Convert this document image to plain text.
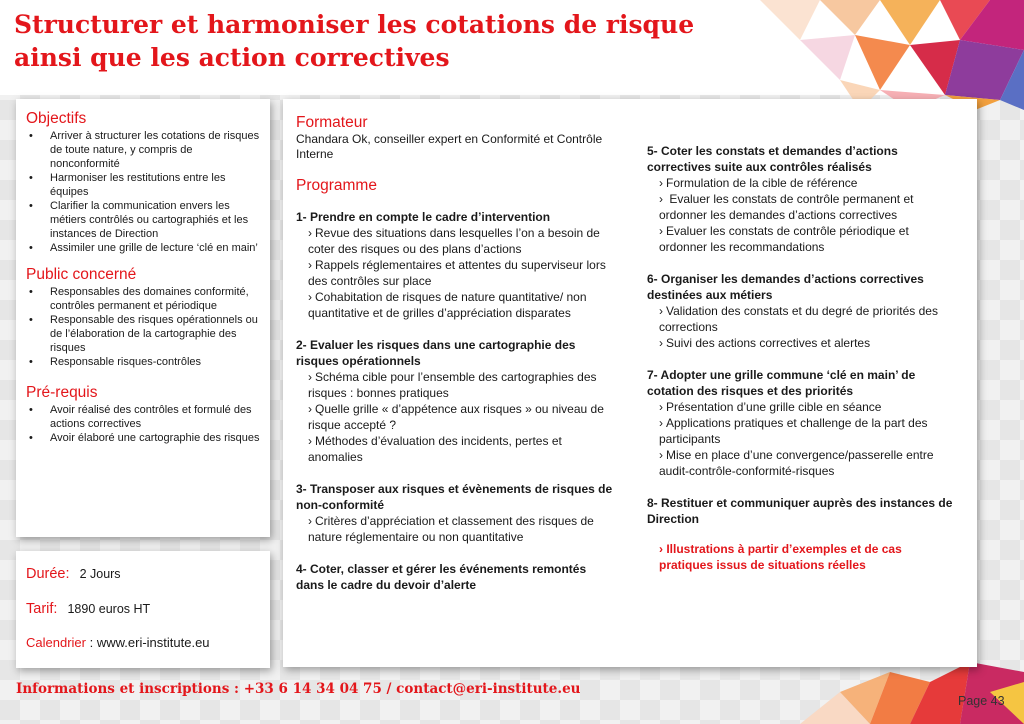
Structurer et harmoniser les cotations de risque
ainsi que les action correctives
Objectifs
• Arriver à structurer les cotations de risques de toute nature, y compris de nonconformité
• Harmoniser les restitutions entre les équipes
• Clarifier la communication envers les métiers contrôlés ou cartographiés et les instances de Direction
• Assimiler une grille de lecture ‘clé en main’
Public concerné
• Responsables des domaines conformité, contrôles permanent et périodique
• Responsable des risques opérationnels ou de l’élaboration de la cartographie des risques
• Responsable risques-contrôles
Pré-requis
• Avoir réalisé des contrôles et formulé des actions correctives
• Avoir élaboré une cartographie des risques
Durée: 2 Jours
Tarif: 1890 euros HT
Calendrier : www.eri-institute.eu
Formateur
Chandara Ok, conseiller expert en Conformité et Contrôle Interne
Programme
1- Prendre en compte le cadre d’intervention
› Revue des situations dans lesquelles l’on a besoin de coter des risques ou des plans d’actions
› Rappels réglementaires et attentes du superviseur lors des contrôles sur place
› Cohabitation de risques de nature quantitative/ non quantitative et de grilles d’appréciation disparates
2- Evaluer les risques dans une cartographie des risques opérationnels
› Schéma cible pour l’ensemble des cartographies des risques : bonnes pratiques
› Quelle grille « d’appétence aux risques » ou niveau de risque accepté ?
› Méthodes d’évaluation des incidents, pertes et anomalies
3- Transposer aux risques et évènements de risques de non-conformité
› Critères d’appréciation et classement des risques de nature réglementaire ou non quantitative
4- Coter, classer et gérer les événements remontés dans le cadre du devoir d’alerte
5- Coter les constats et demandes d’actions correctives suite aux contrôles réalisés
› Formulation de la cible de référence
› Evaluer les constats de contrôle permanent et ordonner les demandes d’actions correctives
› Evaluer les constats de contrôle périodique et ordonner les recommandations
6- Organiser les demandes d’actions correctives destinées aux métiers
› Validation des constats et du degré de priorités des corrections
› Suivi des actions correctives et alertes
7- Adopter une grille commune ‘clé en main’ de cotation des risques et des priorités
› Présentation d’une grille cible en séance
› Applications pratiques et challenge de la part des participants
› Mise en place d’une convergence/passerelle entre audit-contrôle-conformité-risques
8- Restituer et communiquer auprès des instances de Direction
› Illustrations à partir d’exemples et de cas pratiques issus de situations réelles
Informations et inscriptions : +33 6 14 34 04 75 / contact@eri-institute.eu
Page 43
